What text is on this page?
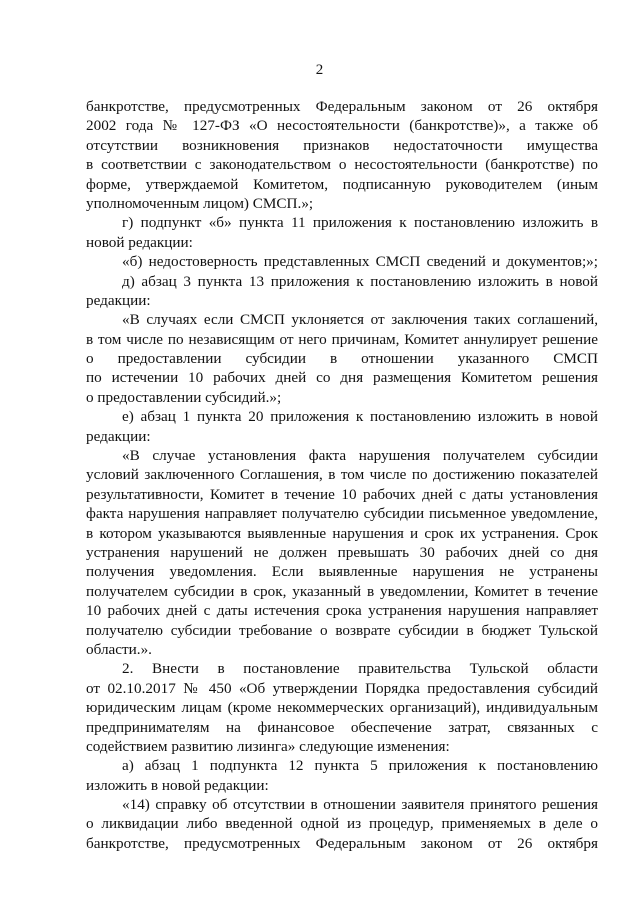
2
банкротстве, предусмотренных Федеральным законом от 26 октября
2002 года № 127-ФЗ «О несостоятельности (банкротстве)», а также об
отсутствии возникновения признаков недостаточности имущества
в соответствии с законодательством о несостоятельности (банкротстве) по
форме, утверждаемой Комитетом, подписанную руководителем (иным
уполномоченным лицом) СМСП.»;
г) подпункт «б» пункта 11 приложения к постановлению изложить в
новой редакции:
«б) недостоверность представленных СМСП сведений и документов;»;
д) абзац 3 пункта 13 приложения к постановлению изложить в новой
редакции:
«В случаях если СМСП уклоняется от заключения таких соглашений,
в том числе по независящим от него причинам, Комитет аннулирует решение
о предоставлении субсидии в отношении указанного СМСП
по истечении 10 рабочих дней со дня размещения Комитетом решения
о предоставлении субсидий.»;
е) абзац 1 пункта 20 приложения к постановлению изложить в новой
редакции:
«В случае установления факта нарушения получателем субсидии
условий заключенного Соглашения, в том числе по достижению показателей
результативности, Комитет в течение 10 рабочих дней с даты установления
факта нарушения направляет получателю субсидии письменное уведомление,
в котором указываются выявленные нарушения и срок их устранения. Срок
устранения нарушений не должен превышать 30 рабочих дней со дня
получения уведомления. Если выявленные нарушения не устранены
получателем субсидии в срок, указанный в уведомлении, Комитет в течение
10 рабочих дней с даты истечения срока устранения нарушения направляет
получателю субсидии требование о возврате субсидии в бюджет Тульской
области.».
2. Внести в постановление правительства Тульской области
от 02.10.2017 № 450 «Об утверждении Порядка предоставления субсидий
юридическим лицам (кроме некоммерческих организаций), индивидуальным
предпринимателям на финансовое обеспечение затрат, связанных с
содействием развитию лизинга» следующие изменения:
а) абзац 1 подпункта 12 пункта 5 приложения к постановлению
изложить в новой редакции:
«14) справку об отсутствии в отношении заявителя принятого решения
о ликвидации либо введенной одной из процедур, применяемых в деле о
банкротстве, предусмотренных Федеральным законом от 26 октября
